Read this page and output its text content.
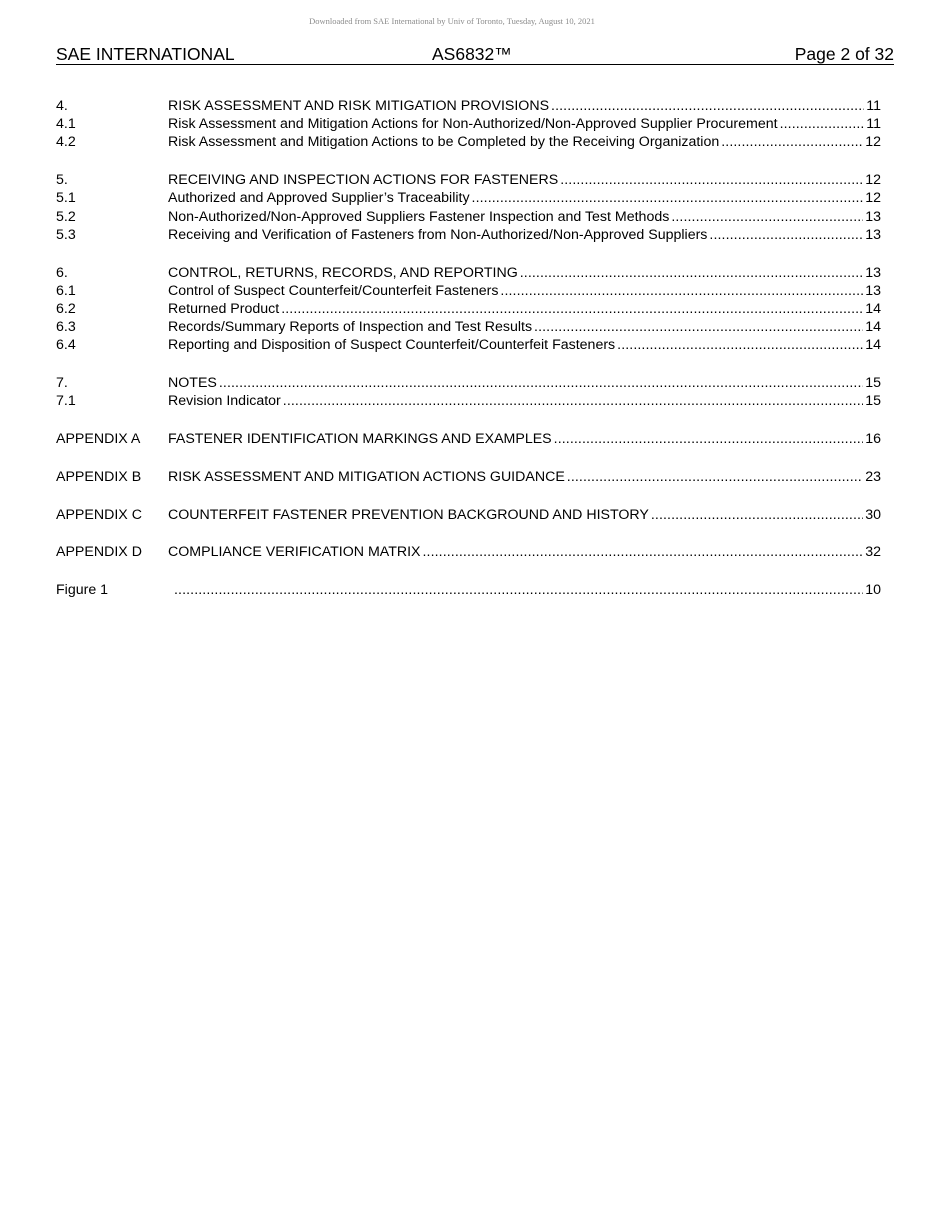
Downloaded from SAE International by Univ of Toronto, Tuesday, August 10, 2021
SAE INTERNATIONAL	AS6832™	Page 2 of 32
4.	RISK ASSESSMENT AND RISK MITIGATION PROVISIONS .....	11
4.1	Risk Assessment and Mitigation Actions for Non-Authorized/Non-Approved Supplier Procurement .....	11
4.2	Risk Assessment and Mitigation Actions to be Completed by the Receiving Organization .....	12
5.	RECEIVING AND INSPECTION ACTIONS FOR FASTENERS .....	12
5.1	Authorized and Approved Supplier’s Traceability .....	12
5.2	Non-Authorized/Non-Approved Suppliers Fastener Inspection and Test Methods .....	13
5.3	Receiving and Verification of Fasteners from Non-Authorized/Non-Approved Suppliers .....	13
6.	CONTROL, RETURNS, RECORDS, AND REPORTING .....	13
6.1	Control of Suspect Counterfeit/Counterfeit Fasteners .....	13
6.2	Returned Product .....	14
6.3	Records/Summary Reports of Inspection and Test Results .....	14
6.4	Reporting and Disposition of Suspect Counterfeit/Counterfeit Fasteners .....	14
7.	NOTES .....	15
7.1	Revision Indicator .....	15
APPENDIX A	FASTENER IDENTIFICATION MARKINGS AND EXAMPLES .....	16
APPENDIX B	RISK ASSESSMENT AND MITIGATION ACTIONS GUIDANCE .....	23
APPENDIX C	COUNTERFEIT FASTENER PREVENTION BACKGROUND AND HISTORY .....	30
APPENDIX D	COMPLIANCE VERIFICATION MATRIX .....	32
Figure 1 .....	10
